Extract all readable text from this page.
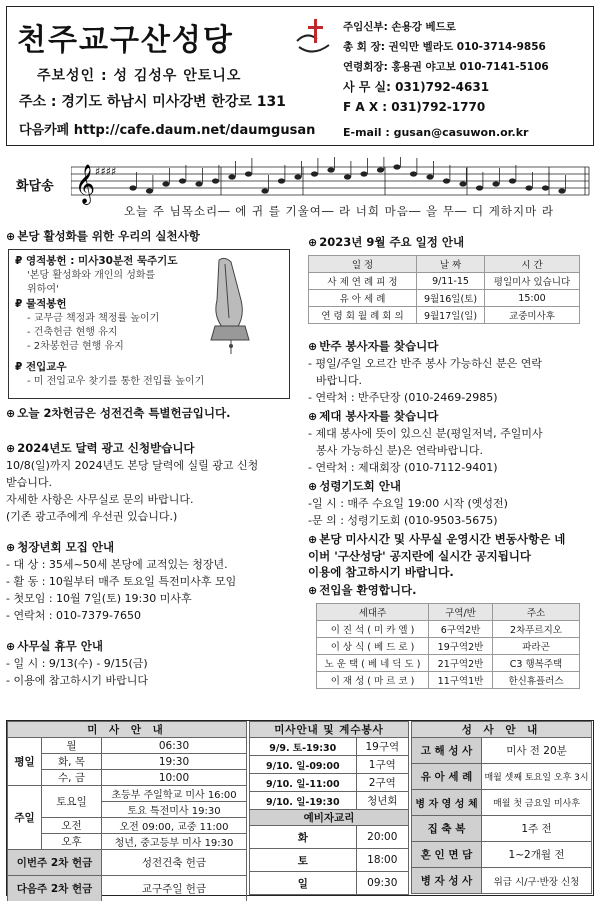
천주교구산성당
주보성인 : 성 김성우 안토니오
주소 : 경기도 하남시 미사강변 한강로 131
다음카페 http://cafe.daum.net/daumgusan
주임신부: 손용강 베드로
총 회 장: 권익만 벨라도 010-3714-9856
연령회장: 홍용권 야고보 010-7141-5106
사 무 실: 031)792-4631
F A X : 031)792-1770
E-mail : gusan@casuwon.or.kr
화답송 𝄞 ♯♯♯♯
오늘 주 님목소리― 에 귀 를 기울여― 라 너희 마음― 을 무― 디 게하지마 라
⊕ 본당 활성화를 위한 우리의 실천사항
₽ 영적봉헌 : 미사30분전 묵주기도
'본당 활성화와 개인의 성화를
위하여'
₽ 물적봉헌
- 교무금 책정과 책정률 높이기
- 건축헌금 현행 유지
- 2차봉헌금 현행 유지
₽ 전입교우
- 미 전입교우 찾기를 통한 전입률 높이기
⊕ 오늘 2차헌금은 성전건축 특별헌금입니다.
⊕ 2024년도 달력 광고 신청받습니다
10/8(일)까지 2024년도 본당 달력에 실릴 광고 신청
받습니다.
자세한 사항은 사무실로 문의 바랍니다.
(기존 광고주에게 우선권 있습니다.)
⊕ 청장년회 모집 안내
- 대 상 : 35세~50세 본당에 교적있는 청장년.
- 활 동 : 10월부터 매주 토요일 특전미사후 모임
- 첫모임 : 10월 7일(토) 19:30 미사후
- 연락처 : 010-7379-7650
⊕ 사무실 휴무 안내
- 일 시 : 9/13(수) - 9/15(금)
- 이용에 참고하시기 바랍니다
⊕ 2023년 9월 주요 일정 안내
일 정	날 짜	시 간
사 제 연 례 피 정	9/11-15	평일미사 있습니다
유 아 세 례	9월16일(토)	15:00
연 령 회 월 례 회 의	9월17일(일)	교중미사후
⊕ 반주 봉사자를 찾습니다
- 평일/주일 오르간 반주 봉사 가능하신 분은 연락
바랍니다.
- 연락처 : 반주단장 (010-2469-2985)
⊕ 제대 봉사자를 찾습니다
- 제대 봉사에 뜻이 있으신 분(평일저녁, 주일미사
봉사 가능하신 분)은 연락바랍니다.
- 연락처 : 제대회장 (010-7112-9401)
⊕ 성령기도회 안내
-일 시 : 매주 수요일 19:00 시작 (옛성전)
-문 의 : 성령기도회 (010-9503-5675)
⊕ 본당 미사시간 및 사무실 운영시간 변동사항은 네
이버 '구산성당' 공지란에 실시간 공지됩니다
이용에 참고하시기 바랍니다.
⊕ 전입을 환영합니다.
세대주	구역/반	주소
이 진 석 ( 미 카 엘 )	6구역2반	2차푸르지오
이 상 식 ( 베 드 로 )	19구역2반	파라곤
노 운 택 ( 베 네 딕 도 )	21구역2반	C3 행복주택
이 재 성 ( 마 르 코 )	11구역1반	한신휴플러스
미 사 안 내		
평일	월	06:30
	화, 목	19:30
	수, 금	10:00
주일	토요일	초등부 주일학교 미사 16:00
		토요 특전미사 19:30
	오전	오전 09:00, 교중 11:00
	오후	청년, 중고등부 미사 19:30
이번주 2차 헌금		성전건축 헌금
다음주 2차 헌금		교구주일 헌금
미사안내 및 계수봉사	
9/9. 토-19:30	19구역
9/10. 일-09:00	1구역
9/10. 일-11:00	2구역
9/10. 일-19:30	청년회
예비자교리	
화	20:00
토	18:00
일	09:30
성 사 안 내	
고 해 성 사	미사 전 20분
유 아 세 례	매월 셋째 토요일 오후 3시
병 자 영 성 체	매월 첫 금요일 미사후
집 축 복	1주 전
혼 인 면 담	1~2개월 전
병 자 성 사	위급 시/구·반장 신청
